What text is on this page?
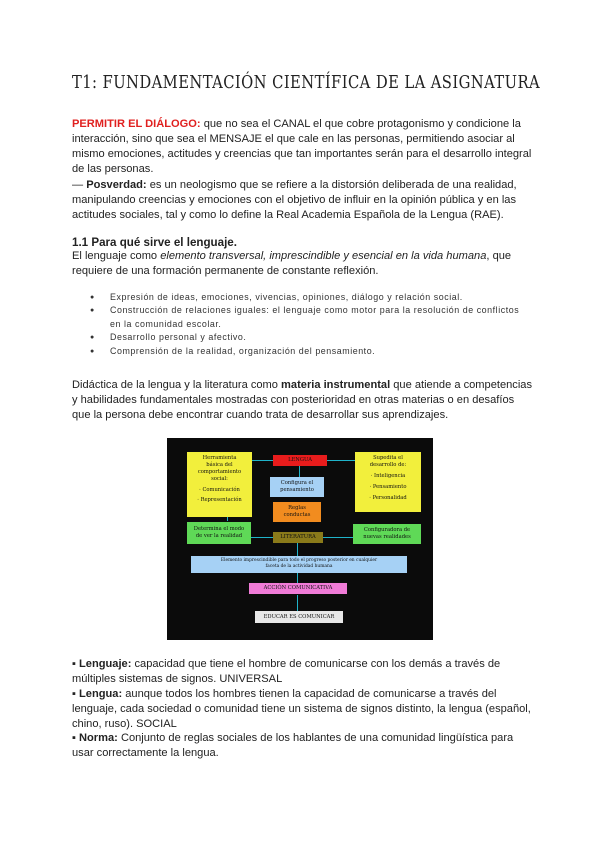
T1: FUNDAMENTACIÓN CIENTÍFICA DE LA ASIGNATURA
PERMITIR EL DIÁLOGO: que no sea el CANAL el que cobre protagonismo y condicione la interacción, sino que sea el MENSAJE el que cale en las personas, permitiendo asociar al mismo emociones, actitudes y creencias que tan importantes serán para el desarrollo integral de las personas.
— Posverdad: es un neologismo que se refiere a la distorsión deliberada de una realidad, manipulando creencias y emociones con el objetivo de influir en la opinión pública y en las actitudes sociales, tal y como lo define la Real Academia Española de la Lengua (RAE).
1.1 Para qué sirve el lenguaje.
El lenguaje como elemento transversal, imprescindible y esencial en la vida humana, que requiere de una formación permanente de constante reflexión.
● Expresión de ideas, emociones, vivencias, opiniones, diálogo y relación social.
● Construcción de relaciones iguales: el lenguaje como motor para la resolución de conflictos en la comunidad escolar.
● Desarrollo personal y afectivo.
● Comprensión de la realidad, organización del pensamiento.
Didáctica de la lengua y la literatura como materia instrumental que atiende a competencias y habilidades fundamentales mostradas con posterioridad en otras materias o en desafíos que la persona debe encontrar cuando trata de desarrollar sus aprendizajes.
Herramienta
básica del
comportamiento
social:
· Comunicación
· Representación
LENGUA	Supedita el
desarrollo de:
· Inteligencia
· Pensamiento
· Personalidad
Configura el
pensamiento
Reglas
conductas
Determina el modo
de ver la realidad	LITERATURA
Configuradora de
nuevas realidades
Elemento imprescindible para todo el progreso posterior en cualquier
faceta de la actividad humana
ACCIÓN COMUNICATIVA
EDUCAR ES COMUNICAR
▪ Lenguaje: capacidad que tiene el hombre de comunicarse con los demás a través de múltiples sistemas de signos. UNIVERSAL
▪ Lengua: aunque todos los hombres tienen la capacidad de comunicarse a través del lenguaje, cada sociedad o comunidad tiene un sistema de signos distinto, la lengua (español, chino, ruso). SOCIAL
▪ Norma: Conjunto de reglas sociales de los hablantes de una comunidad lingüística para usar correctamente la lengua.
